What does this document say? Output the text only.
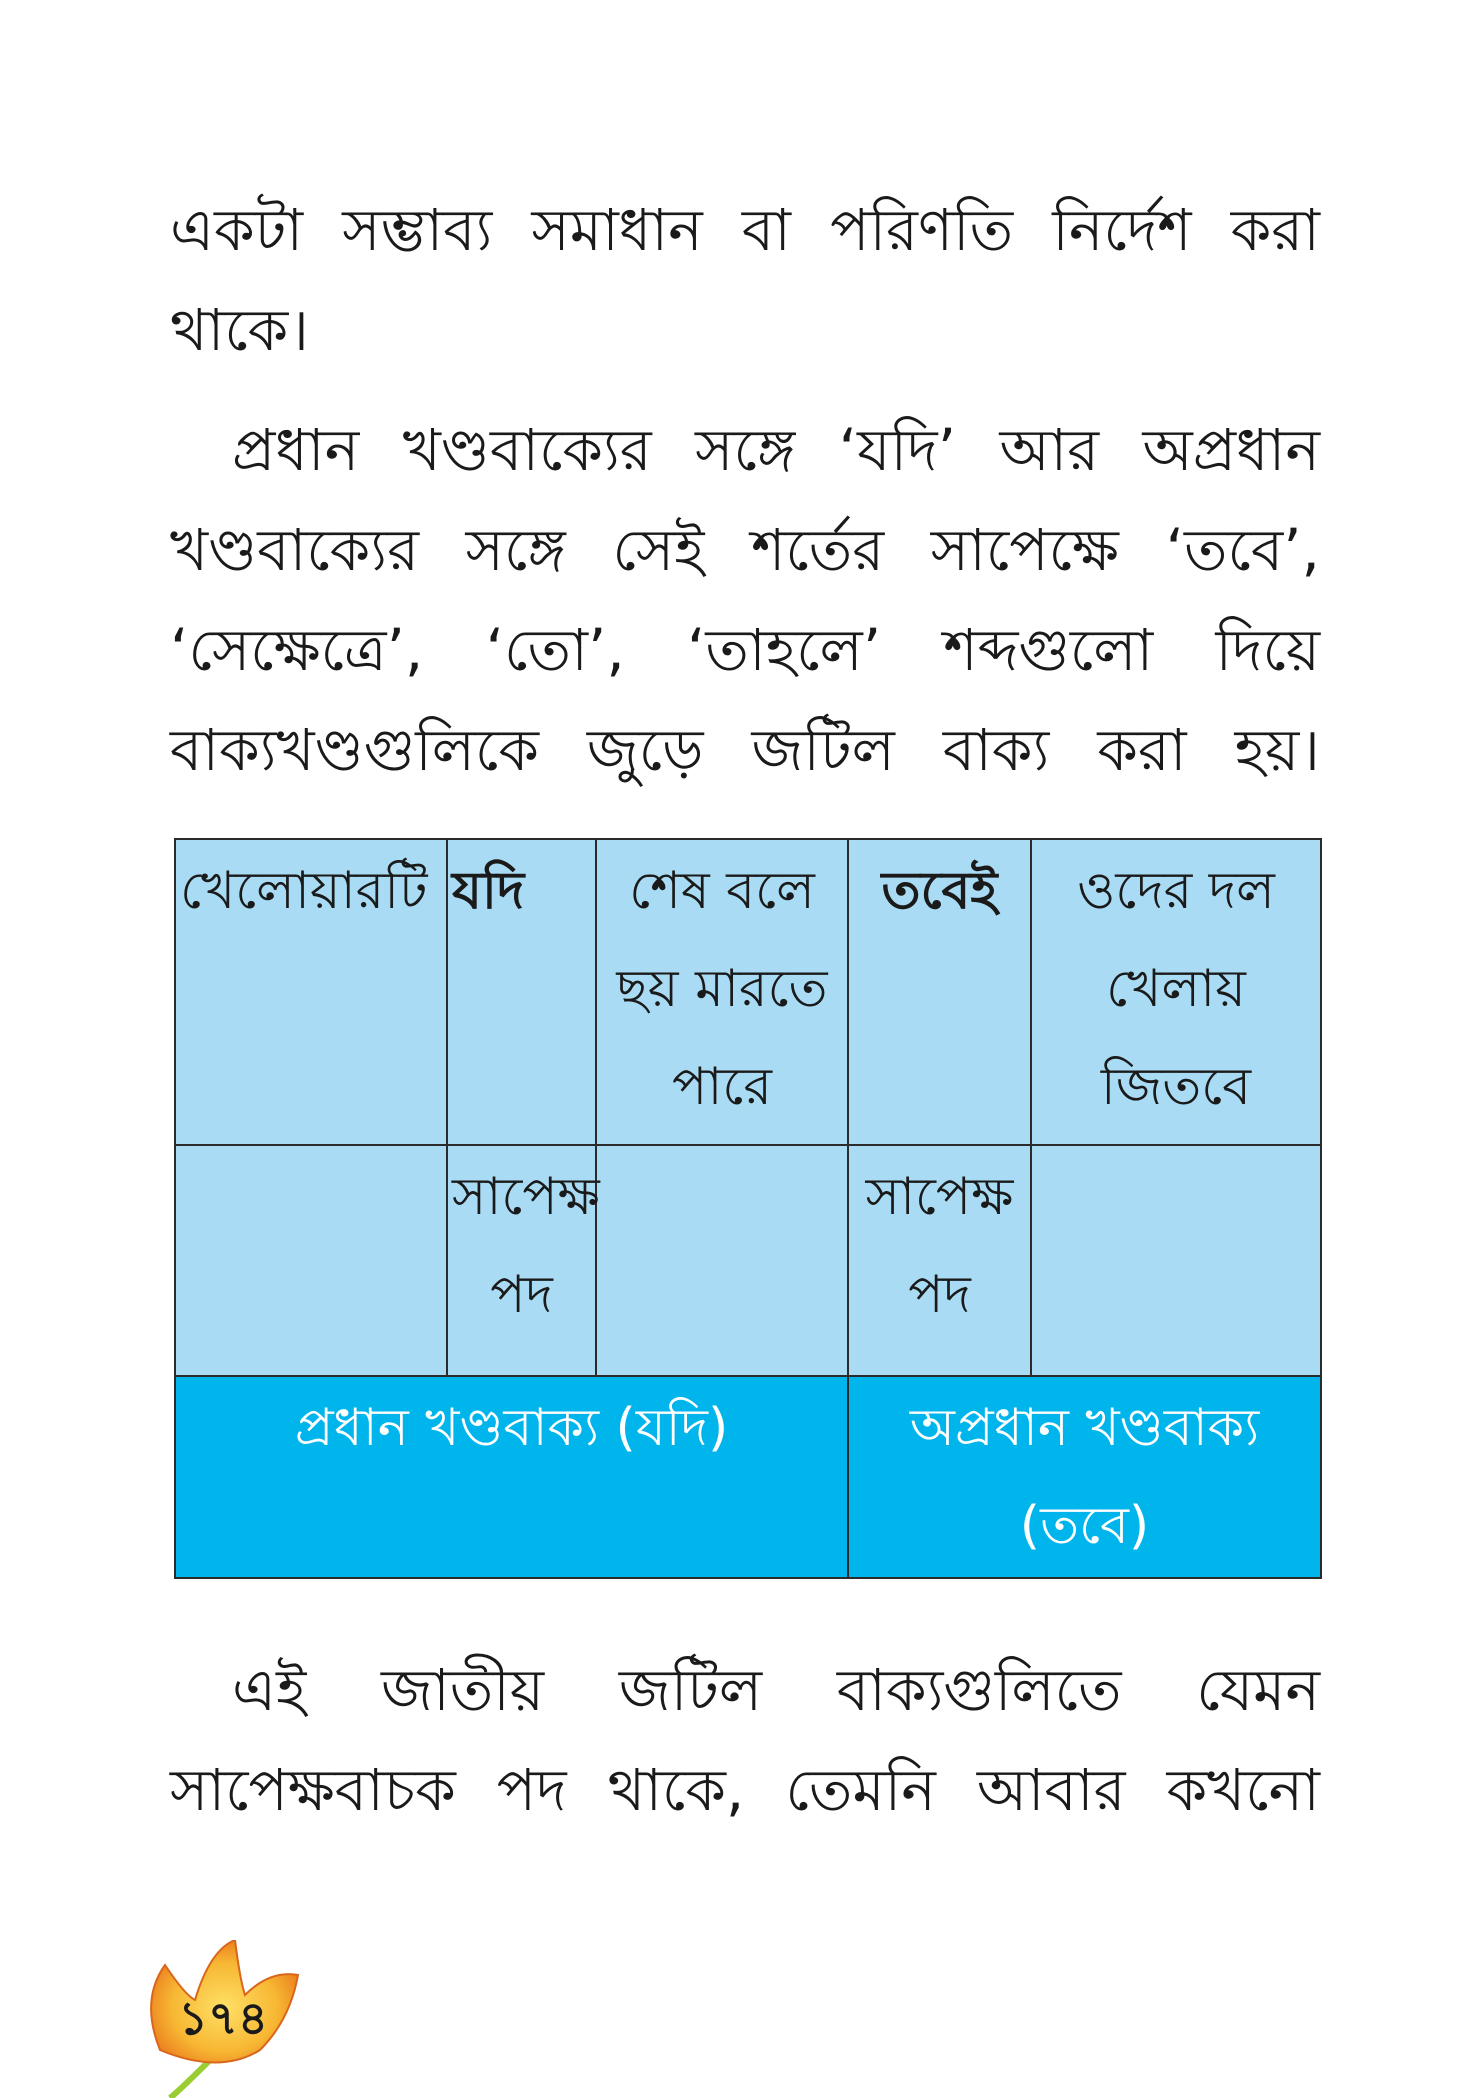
একটা সম্ভাব্য সমাধান বা পরিণতি নির্দেশ করা
থাকে।
প্রধান খণ্ডবাক্যের সঙ্গে ‘যদি’ আর অপ্রধান
খণ্ডবাক্যের সঙ্গে সেই শর্তের সাপেক্ষে ‘তবে’,
‘সেক্ষেত্রে’, ‘তো’, ‘তাহলে’ শব্দগুলো দিয়ে
বাক্যখণ্ডগুলিকে জুড়ে জটিল বাক্য করা হয়।
খেলোয়ারটি	যদি	শেষ বলে ছয় মারতে পারে	তবেই	ওদের দল খেলায় জিতবে
	সাপেক্ষ পদ		সাপেক্ষ পদ	
প্রধান খণ্ডবাক্য (যদি)			অপ্রধান খণ্ডবাক্য (তবে)	
এই জাতীয় জটিল বাক্যগুলিতে যেমন
সাপেক্ষবাচক পদ থাকে, তেমনি আবার কখনো
১৭৪
